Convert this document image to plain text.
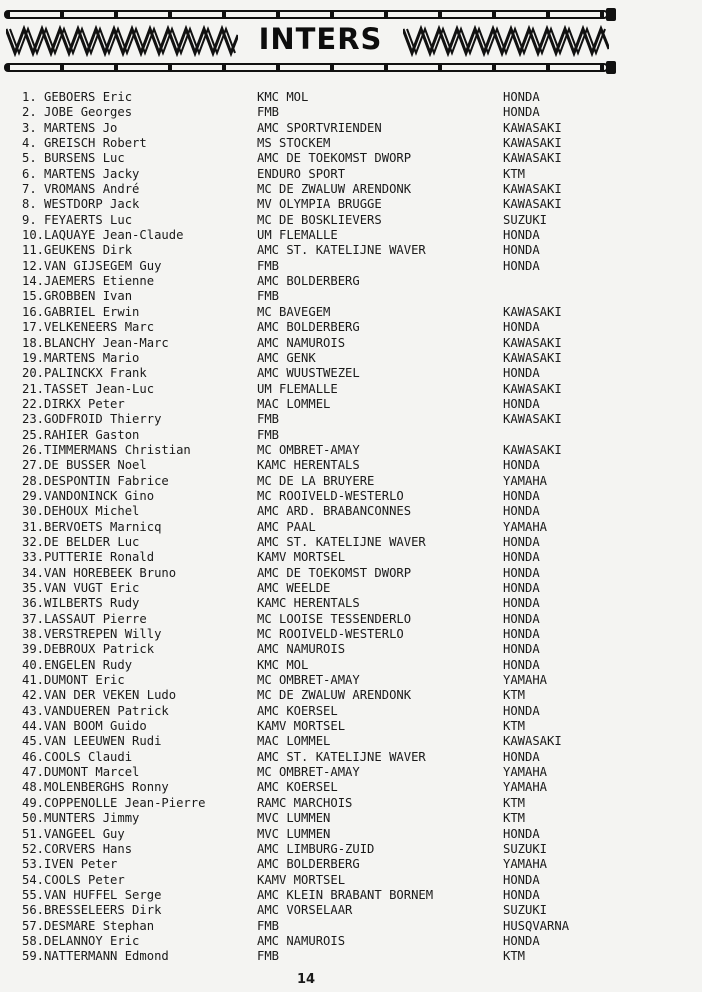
INTERS
1. GEBOERS Eric	KMC MOL	HONDA
2. JOBE Georges	FMB	HONDA
3. MARTENS Jo	AMC SPORTVRIENDEN	KAWASAKI
4. GREISCH Robert	MS STOCKEM	KAWASAKI
5. BURSENS Luc	AMC DE TOEKOMST DWORP	KAWASAKI
6. MARTENS Jacky	ENDURO SPORT	KTM
7. VROMANS André	MC DE ZWALUW ARENDONK	KAWASAKI
8. WESTDORP Jack	MV OLYMPIA BRUGGE	KAWASAKI
9. FEYAERTS Luc	MC DE BOSKLIEVERS	SUZUKI
10.LAQUAYE Jean-Claude	UM FLEMALLE	HONDA
11.GEUKENS Dirk	AMC ST. KATELIJNE WAVER	HONDA
12.VAN GIJSEGEM Guy	FMB	HONDA
14.JAEMERS Etienne	AMC BOLDERBERG
15.GROBBEN Ivan	FMB
16.GABRIEL Erwin	MC BAVEGEM	KAWASAKI
17.VELKENEERS Marc	AMC BOLDERBERG	HONDA
18.BLANCHY Jean-Marc	AMC NAMUROIS	KAWASAKI
19.MARTENS Mario	AMC GENK	KAWASAKI
20.PALINCKX Frank	AMC WUUSTWEZEL	HONDA
21.TASSET Jean-Luc	UM FLEMALLE	KAWASAKI
22.DIRKX Peter	MAC LOMMEL	HONDA
23.GODFROID Thierry	FMB	KAWASAKI
25.RAHIER Gaston	FMB
26.TIMMERMANS Christian	MC OMBRET-AMAY	KAWASAKI
27.DE BUSSER Noel	KAMC HERENTALS	HONDA
28.DESPONTIN Fabrice	MC DE LA BRUYERE	YAMAHA
29.VANDONINCK Gino	MC ROOIVELD-WESTERLO	HONDA
30.DEHOUX Michel	AMC ARD. BRABANCONNES	HONDA
31.BERVOETS Marnicq	AMC PAAL	YAMAHA
32.DE BELDER Luc	AMC ST. KATELIJNE WAVER	HONDA
33.PUTTERIE Ronald	KAMV MORTSEL	HONDA
34.VAN HOREBEEK Bruno	AMC DE TOEKOMST DWORP	HONDA
35.VAN VUGT Eric	AMC WEELDE	HONDA
36.WILBERTS Rudy	KAMC HERENTALS	HONDA
37.LASSAUT Pierre	MC LOOISE TESSENDERLO	HONDA
38.VERSTREPEN Willy	MC ROOIVELD-WESTERLO	HONDA
39.DEBROUX Patrick	AMC NAMUROIS	HONDA
40.ENGELEN Rudy	KMC MOL	HONDA
41.DUMONT Eric	MC OMBRET-AMAY	YAMAHA
42.VAN DER VEKEN Ludo	MC DE ZWALUW ARENDONK	KTM
43.VANDUEREN Patrick	AMC KOERSEL	HONDA
44.VAN BOOM Guido	KAMV MORTSEL	KTM
45.VAN LEEUWEN Rudi	MAC LOMMEL	KAWASAKI
46.COOLS Claudi	AMC ST. KATELIJNE WAVER	HONDA
47.DUMONT Marcel	MC OMBRET-AMAY	YAMAHA
48.MOLENBERGHS Ronny	AMC KOERSEL	YAMAHA
49.COPPENOLLE Jean-Pierre	RAMC MARCHOIS	KTM
50.MUNTERS Jimmy	MVC LUMMEN	KTM
51.VANGEEL Guy	MVC LUMMEN	HONDA
52.CORVERS Hans	AMC LIMBURG-ZUID	SUZUKI
53.IVEN Peter	AMC BOLDERBERG	YAMAHA
54.COOLS Peter	KAMV MORTSEL	HONDA
55.VAN HUFFEL Serge	AMC KLEIN BRABANT BORNEM	HONDA
56.BRESSELEERS Dirk	AMC VORSELAAR	SUZUKI
57.DESMARE Stephan	FMB	HUSQVARNA
58.DELANNOY Eric	AMC NAMUROIS	HONDA
59.NATTERMANN Edmond	FMB	KTM
14
